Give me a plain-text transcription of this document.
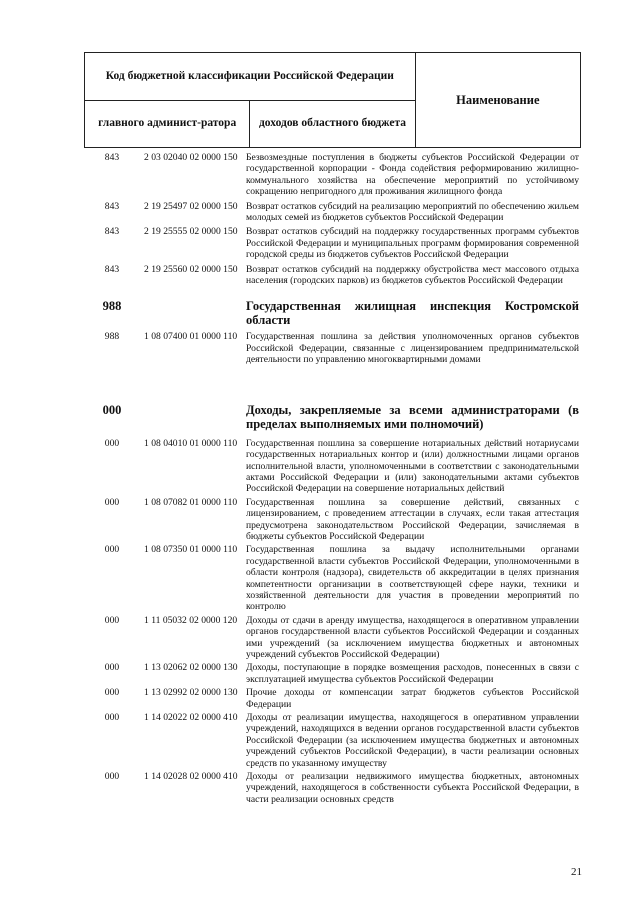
Код бюджетной классификации Российской Федерации		Наименование
главного админист-ратора	доходов областного бюджета	
843	2 03 02040 02 0000 150 Безвозмездные поступления в бюджеты субъектов Российской Федерации от государственной корпорации - Фонда содействия реформированию жилищно-коммунального хозяйства на обеспечение мероприятий по устойчивому сокращению непригодного для проживания жилищного фонда
843	2 19 25497 02 0000 150 Возврат остатков субсидий на реализацию мероприятий по обеспечению жильем молодых семей из бюджетов субъектов Российской Федерации
843	2 19 25555 02 0000 150 Возврат остатков субсидий на поддержку государственных программ субъектов Российской Федерации и муниципальных программ формирования современной городской среды из бюджетов субъектов Российской Федерации
843	2 19 25560 02 0000 150 Возврат остатков субсидий на поддержку обустройства мест массового отдыха населения (городских парков) из бюджетов субъектов Российской Федерации
988	Государственная жилищная инспекция Костромской области
988	1 08 07400 01 0000 110 Государственная пошлина за действия уполномоченных органов субъектов Российской Федерации, связанные с лицензированием предпринимательской деятельности по управлению многоквартирными домами
000	Доходы, закрепляемые за всеми администраторами (в пределах выполняемых ими полномочий)
000	1 08 04010 01 0000 110 Государственная пошлина за совершение нотариальных действий нотариусами государственных нотариальных контор и (или) должностными лицами органов исполнительной власти, уполномоченными в соответствии с законодательными актами Российской Федерации и (или) законодательными актами субъектов Российской Федерации на совершение нотариальных действий
000	1 08 07082 01 0000 110 Государственная пошлина за совершение действий, связанных с лицензированием, с проведением аттестации в случаях, если такая аттестация предусмотрена законодательством Российской Федерации, зачисляемая в бюджеты субъектов Российской Федерации
000	1 08 07350 01 0000 110 Государственная пошлина за выдачу исполнительными органами государственной власти субъектов Российской Федерации, уполномоченными в области контроля (надзора), свидетельств об аккредитации в целях признания компетентности организации в соответствующей сфере науки, техники и хозяйственной деятельности для участия в проведении мероприятий по контролю
000	1 11 05032 02 0000 120 Доходы от сдачи в аренду имущества, находящегося в оперативном управлении органов государственной власти субъектов Российской Федерации и созданных ими учреждений (за исключением имущества бюджетных и автономных учреждений субъектов Российской Федерации)
000	1 13 02062 02 0000 130 Доходы, поступающие в порядке возмещения расходов, понесенных в связи с эксплуатацией имущества субъектов Российской Федерации
000	1 13 02992 02 0000 130 Прочие доходы от компенсации затрат бюджетов субъектов Российской Федерации
000	1 14 02022 02 0000 410 Доходы от реализации имущества, находящегося в оперативном управлении учреждений, находящихся в ведении органов государственной власти субъектов Российской Федерации (за исключением имущества бюджетных и автономных учреждений субъектов Российской Федерации), в части реализации основных средств по указанному имуществу
000	1 14 02028 02 0000 410 Доходы от реализации недвижимого имущества бюджетных, автономных учреждений, находящегося в собственности субъекта Российской Федерации, в части реализации основных средств
21
